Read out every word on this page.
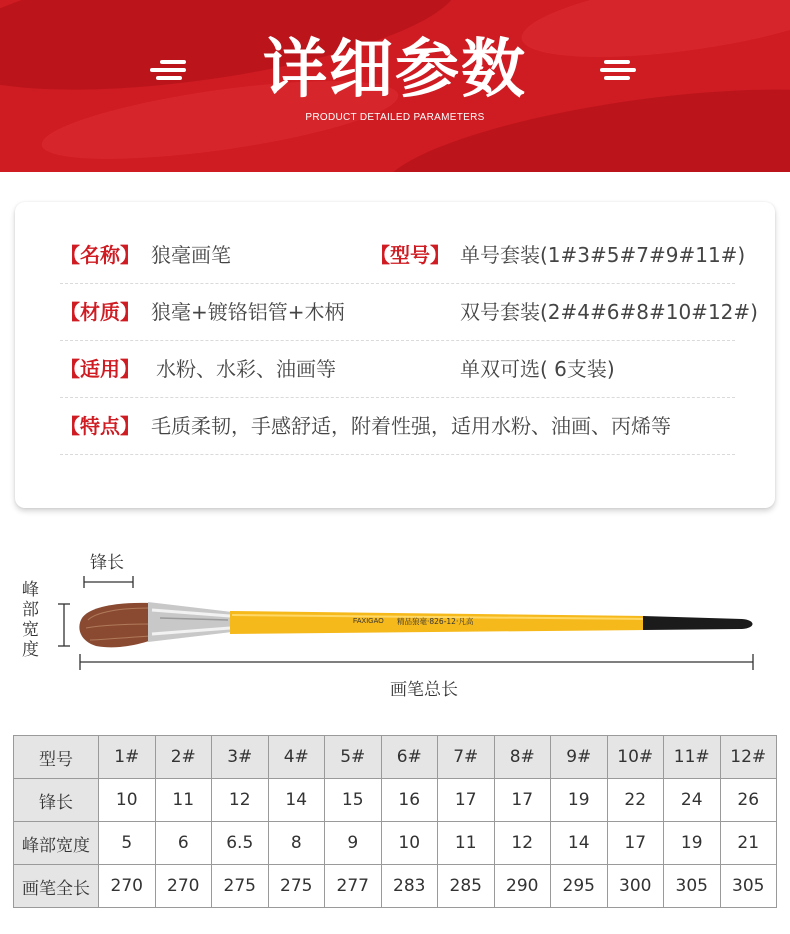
详细参数
PRODUCT DETAILED PARAMETERS
【名称】 狼毫画笔	【型号】 单号套装(1#3#5#7#9#11#)
【材质】 狼毫+镀铬铝管+木柄	双号套装(2#4#6#8#10#12#)
【适用】 水粉、水彩、油画等	单双可选( 6支装)
【特点】 毛质柔韧，手感舒适，附着性强，适用水粉、油画、丙烯等
锋长
峰部宽度
画笔总长
FAXIGAO 精品狼毫·826-12·凡高
型号	1#	2#	3#	4#	5#	6#	7#	8#	9#	10#	11#	12#
锋长	10	11	12	14	15	16	17	17	19	22	24	26
峰部宽度	5	6	6.5	8	9	10	11	12	14	17	19	21
画笔全长	270	270	275	275	277	283	285	290	295	300	305	305
